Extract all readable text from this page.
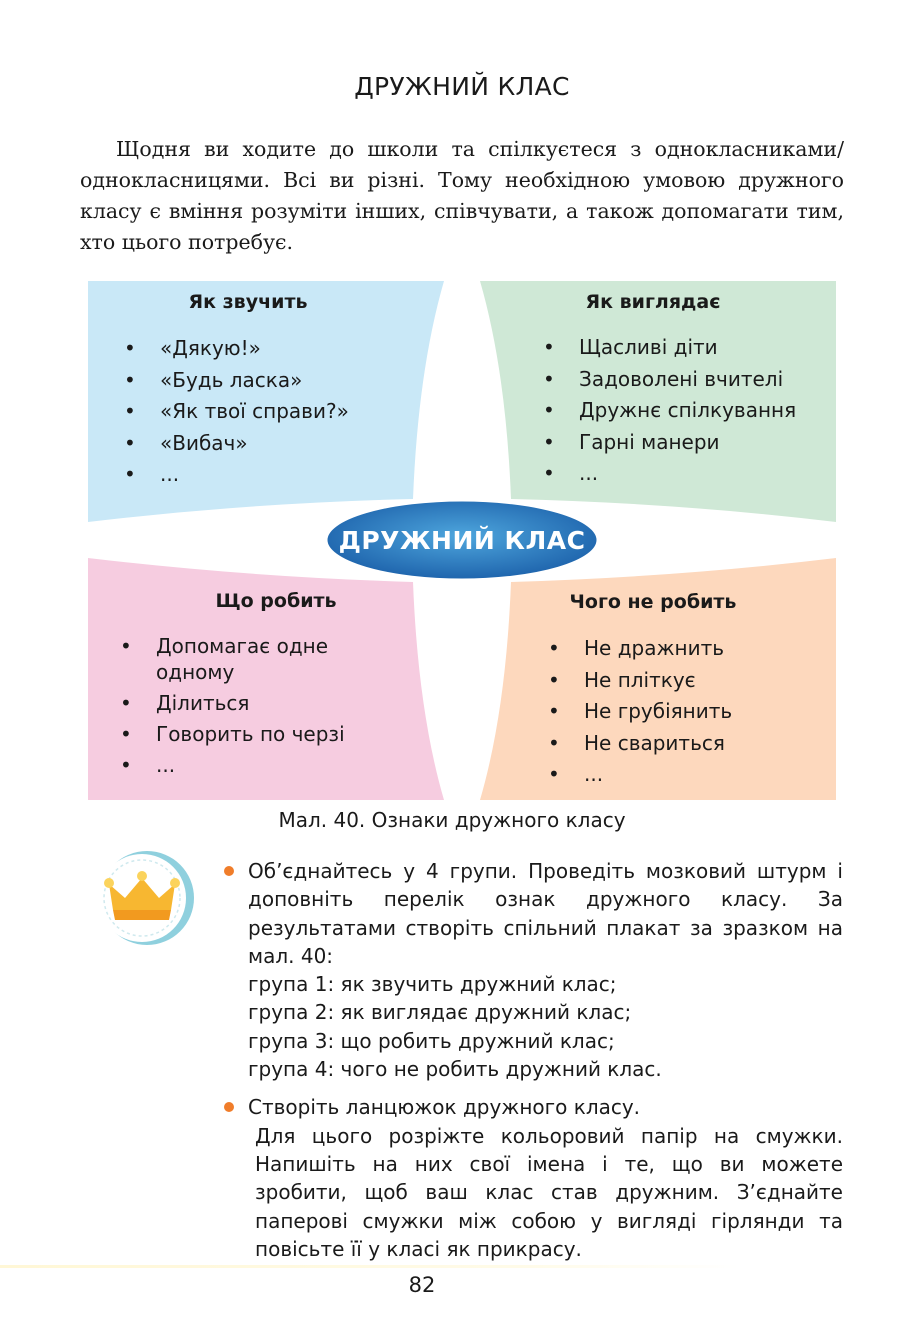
ДРУЖНИЙ КЛАС

Щодня ви ходите до школи та спілкуєтеся з однокласниками/однокласницями. Всі ви різні. Тому необхідною умовою дружного класу є вміння розуміти інших, співчувати, а також допомагати тим, хто цього потребує.

Як звучить
• «Дякую!»
• «Будь ласка»
• «Як твої справи?»
• «Вибач»
• ...
Як виглядає
• Щасливі діти
• Задоволені вчителі
• Дружнє спілкування
• Гарні манери
• ...
ДРУЖНИЙ КЛАС
Що робить
• Допомагає одне одному
• Ділиться
• Говорить по черзі
• ...
Чого не робить
• Не дражнить
• Не пліткує
• Не грубіянить
• Не свариться
• ...
Мал. 40. Ознаки дружного класу
Об’єднайтесь у 4 групи. Проведіть мозковий штурм і доповніть перелік ознак дружного класу. За результатами створіть спільний плакат за зразком на мал. 40:
група 1: як звучить дружний клас;
група 2: як виглядає дружний клас;
група 3: що робить дружний клас;
група 4: чого не робить дружний клас.
Створіть ланцюжок дружного класу.
Для цього розріжте кольоровий папір на смужки. Напишіть на них свої імена і те, що ви можете зробити, щоб ваш клас став дружним. З’єднайте паперові смужки між собою у вигляді гірлянди та повісьте її у класі як прикрасу.
82
